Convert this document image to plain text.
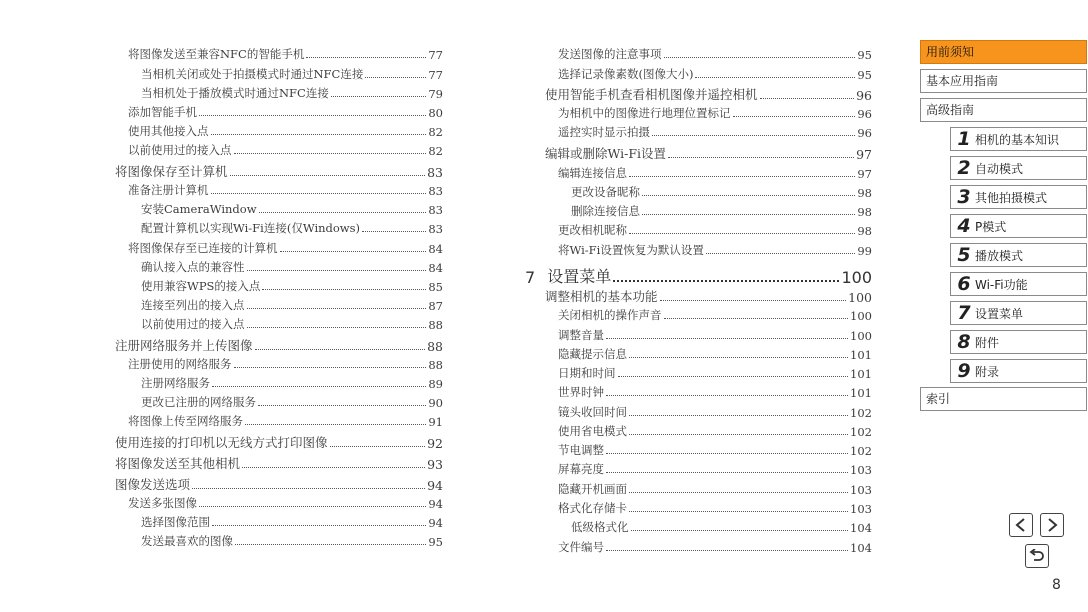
将图像发送至兼容NFC的智能手机	77
当相机关闭或处于拍摄模式时通过NFC连接	77
当相机处于播放模式时通过NFC连接	79
添加智能手机	80
使用其他接入点	82
以前使用过的接入点	82
将图像保存至计算机	83
准备注册计算机	83
安装CameraWindow	83
配置计算机以实现Wi-Fi连接(仅Windows)	83
将图像保存至已连接的计算机	84
确认接入点的兼容性	84
使用兼容WPS的接入点	85
连接至列出的接入点	87
以前使用过的接入点	88
注册网络服务并上传图像	88
注册使用的网络服务	88
注册网络服务	89
更改已注册的网络服务	90
将图像上传至网络服务	91
使用连接的打印机以无线方式打印图像	92
将图像发送至其他相机	93
图像发送选项	94
发送多张图像	94
选择图像范围	94
发送最喜欢的图像	95
发送图像的注意事项	95
选择记录像素数(图像大小)	95
使用智能手机查看相机图像并遥控相机	96
为相机中的图像进行地理位置标记	96
遥控实时显示拍摄	96
编辑或删除Wi-Fi设置	97
编辑连接信息	97
更改设备昵称	98
删除连接信息	98
更改相机昵称	98
将Wi-Fi设置恢复为默认设置	99
7 设置菜单	100
调整相机的基本功能	100
关闭相机的操作声音	100
调整音量	100
隐藏提示信息	101
日期和时间	101
世界时钟	101
镜头收回时间	102
使用省电模式	102
节电调整	102
屏幕亮度	103
隐藏开机画面	103
格式化存储卡	103
低级格式化	104
文件编号	104
用前须知
基本应用指南
高级指南
1 相机的基本知识
2 自动模式
3 其他拍摄模式
4 P模式
5 播放模式
6 Wi-Fi功能
7 设置菜单
8 附件
9 附录
索引
8
